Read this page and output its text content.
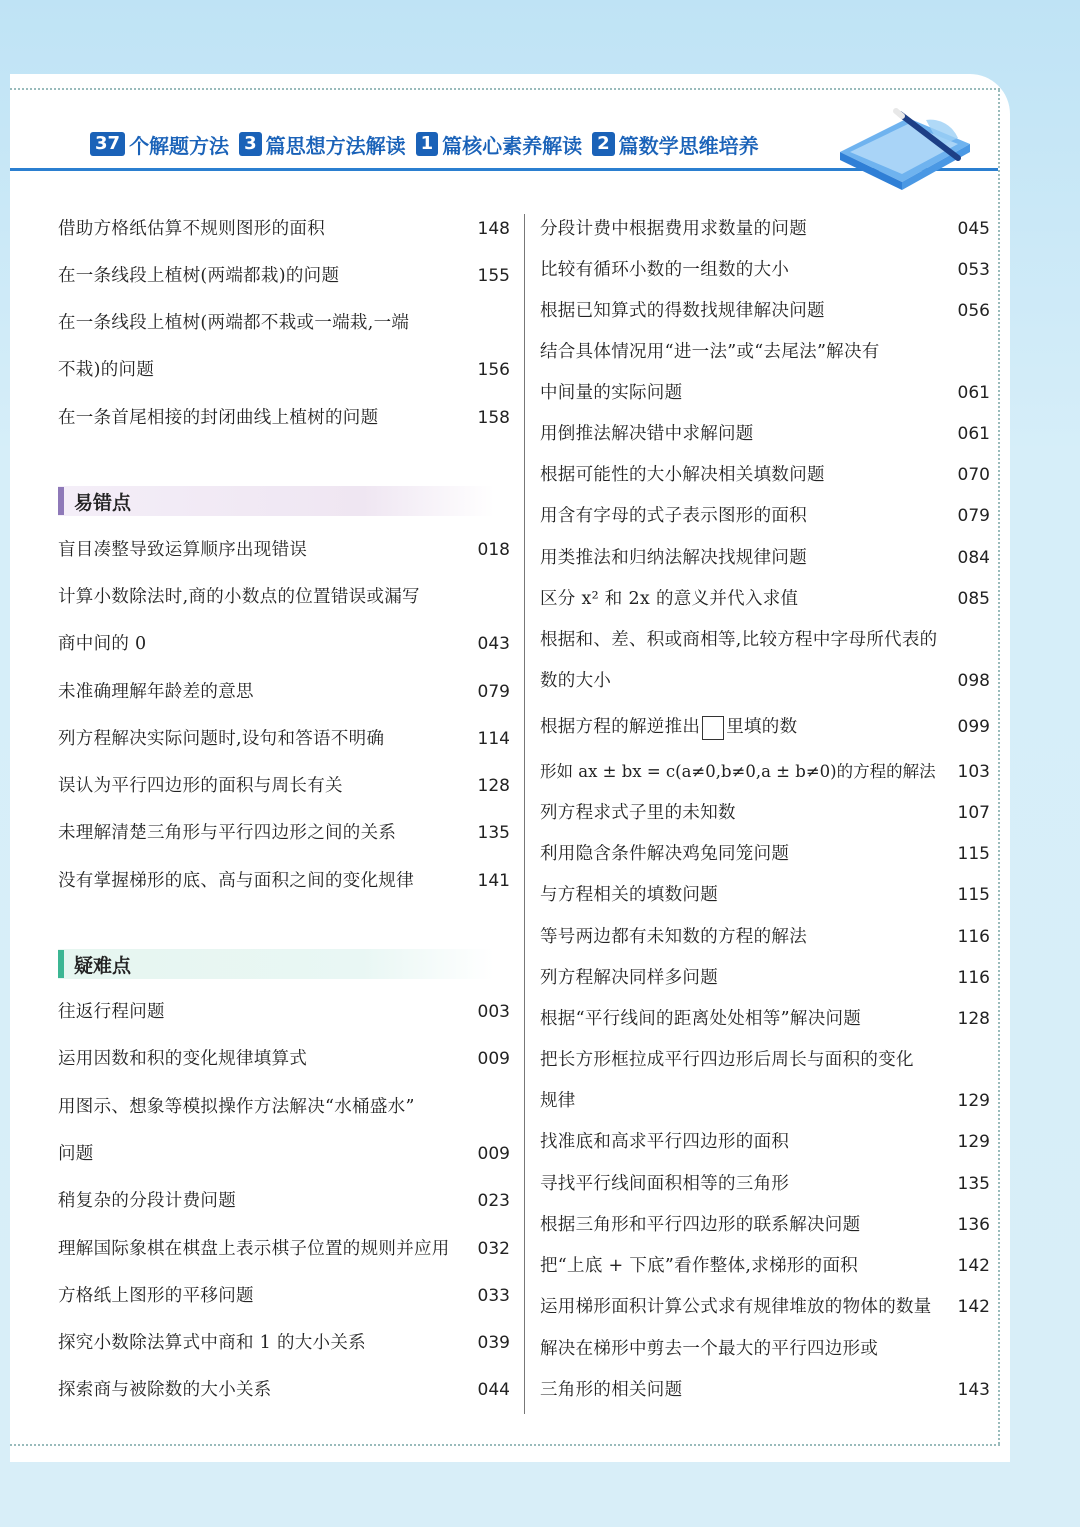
37 个解题方法 3 篇思想方法解读 1 篇核心素养解读 2 篇数学思维培养
借助方格纸估算不规则图形的面积	148
在一条线段上植树(两端都栽)的问题	155
在一条线段上植树(两端都不栽或一端栽,一端
不栽)的问题	156
在一条首尾相接的封闭曲线上植树的问题	158
易错点
盲目凑整导致运算顺序出现错误	018
计算小数除法时,商的小数点的位置错误或漏写
商中间的 0	043
未准确理解年龄差的意思	079
列方程解决实际问题时,设句和答语不明确	114
误认为平行四边形的面积与周长有关	128
未理解清楚三角形与平行四边形之间的关系	135
没有掌握梯形的底、高与面积之间的变化规律	141
疑难点
往返行程问题	003
运用因数和积的变化规律填算式	009
用图示、想象等模拟操作方法解决“水桶盛水”
问题	009
稍复杂的分段计费问题	023
理解国际象棋在棋盘上表示棋子位置的规则并应用 032
方格纸上图形的平移问题	033
探究小数除法算式中商和 1 的大小关系	039
探索商与被除数的大小关系	044
分段计费中根据费用求数量的问题	045
比较有循环小数的一组数的大小	053
根据已知算式的得数找规律解决问题	056
结合具体情况用“进一法”或“去尾法”解决有
中间量的实际问题	061
用倒推法解决错中求解问题	061
根据可能性的大小解决相关填数问题	070
用含有字母的式子表示图形的面积	079
用类推法和归纳法解决找规律问题	084
区分 x² 和 2x 的意义并代入求值	085
根据和、差、积或商相等,比较方程中字母所代表的
数的大小	098
根据方程的解逆推出 里填的数	099
形如 ax ± bx = c(a≠0,b≠0,a ± b≠0)的方程的解法 103
列方程求式子里的未知数	107
利用隐含条件解决鸡兔同笼问题	115
与方程相关的填数问题	115
等号两边都有未知数的方程的解法	116
列方程解决同样多问题	116
根据“平行线间的距离处处相等”解决问题	128
把长方形框拉成平行四边形后周长与面积的变化
规律	129
找准底和高求平行四边形的面积	129
寻找平行线间面积相等的三角形	135
根据三角形和平行四边形的联系解决问题	136
把“上底 + 下底”看作整体,求梯形的面积	142
运用梯形面积计算公式求有规律堆放的物体的数量 142
解决在梯形中剪去一个最大的平行四边形或
三角形的相关问题	143
